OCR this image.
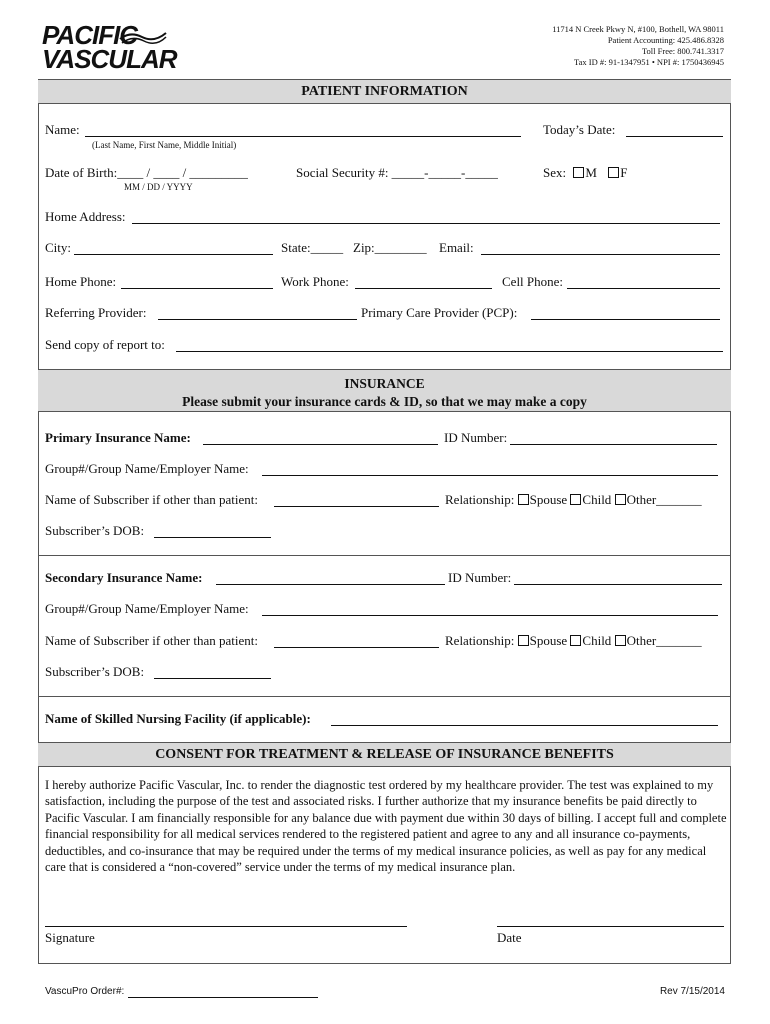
PACIFIC
VASCULAR
11714 N Creek Pkwy N, #100, Bothell, WA 98011
Patient Accounting: 425.486.8328
Toll Free: 800.741.3317
Tax ID #: 91-1347951 • NPI #: 1750436945
PATIENT INFORMATION
Name:
(Last Name, First Name, Middle Initial)
Today’s Date:
Date of Birth:____ / ____ / _________
MM / DD / YYYY
Social Security #: _____-_____-_____	Sex: M F
Home Address:
City:	State:_____ Zip:________ Email:
Home Phone:	Work Phone:	Cell Phone:
Referring Provider:	Primary Care Provider (PCP):
Send copy of report to:
INSURANCE
Please submit your insurance cards & ID, so that we may make a copy
Primary Insurance Name:	ID Number:
Group#/Group Name/Employer Name:
Name of Subscriber if other than patient:	Relationship: Spouse Child Other_______
Subscriber’s DOB:
Secondary Insurance Name:	ID Number:
Group#/Group Name/Employer Name:
Name of Subscriber if other than patient:	Relationship: Spouse Child Other_______
Subscriber’s DOB:
Name of Skilled Nursing Facility (if applicable):
CONSENT FOR TREATMENT & RELEASE OF INSURANCE BENEFITS
I hereby authorize Pacific Vascular, Inc. to render the diagnostic test ordered by my healthcare provider. The test was explained to my satisfaction, including the purpose of the test and associated risks. I further authorize that my insurance benefits be paid directly to Pacific Vascular. I am financially responsible for any balance due with payment due within 30 days of billing. I accept full and complete financial responsibility for all medical services rendered to the registered patient and agree to any and all insurance co-payments, deductibles, and co-insurance that may be required under the terms of my medical insurance policies, as well as pay for any medical care that is considered a “non-covered” service under the terms of my medical insurance plan.
Signature	Date
VascuPro Order#:	Rev 7/15/2014
